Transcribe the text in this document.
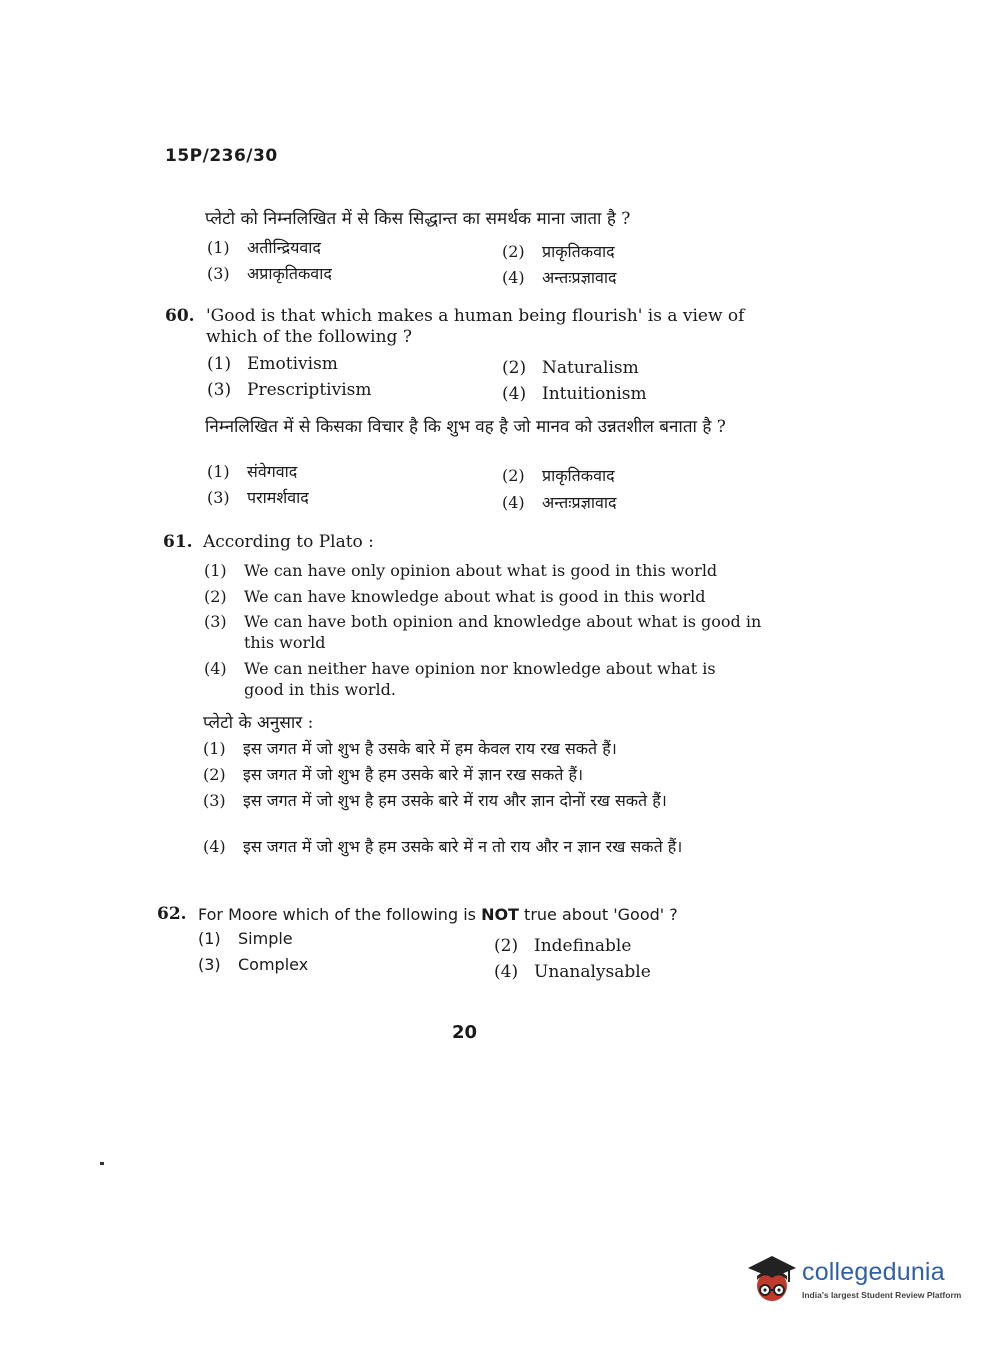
15P/236/30
प्लेटो को निम्नलिखित में से किस सिद्धान्त का समर्थक माना जाता है ?
(1) अतीन्द्रियवाद	(2) प्राकृतिकवाद
(3) अप्राकृतिकवाद	(4) अन्तःप्रज्ञावाद
60. 'Good is that which makes a human being flourish' is a view of which of the following ?
(1) Emotivism	(2) Naturalism
(3) Prescriptivism	(4) Intuitionism
निम्नलिखित में से किसका विचार है कि शुभ वह है जो मानव को उन्नतशील बनाता है ?
(1) संवेगवाद	(2) प्राकृतिकवाद
(3) परामर्शवाद	(4) अन्तःप्रज्ञावाद
61. According to Plato :
(1) We can have only opinion about what is good in this world
(2) We can have knowledge about what is good in this world
(3) We can have both opinion and knowledge about what is good in this world
(4) We can neither have opinion nor knowledge about what is good in this world.
प्लेटो के अनुसार :
(1) इस जगत में जो शुभ है उसके बारे में हम केवल राय रख सकते हैं।
(2) इस जगत में जो शुभ है हम उसके बारे में ज्ञान रख सकते हैं।
(3) इस जगत में जो शुभ है हम उसके बारे में राय और ज्ञान दोनों रख सकते हैं।
(4) इस जगत में जो शुभ है हम उसके बारे में न तो राय और न ज्ञान रख सकते हैं।
62. For Moore which of the following is NOT true about 'Good' ?
(1) Simple	(2) Indefinable
(3) Complex	(4) Unanalysable
20
collegedunia
India's largest Student Review Platform
